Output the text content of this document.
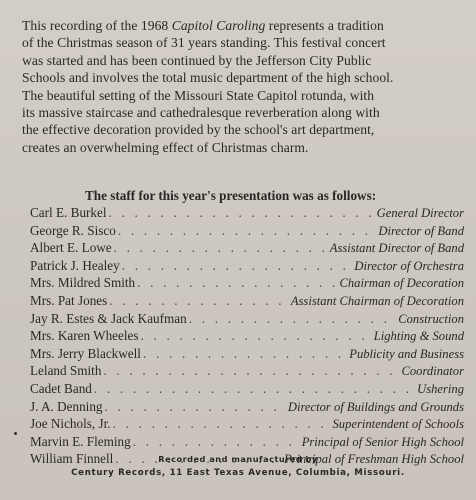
This recording of the 1968 Capitol Caroling represents a tradition
of the Christmas season of 31 years standing. This festival concert
was started and has been continued by the Jefferson City Public
Schools and involves the total music department of the high school.
The beautiful setting of the Missouri State Capitol rotunda, with
its massive staircase and cathedralesque reverberation along with
the effective decoration provided by the school's art department,
creates an overwhelming effect of Christmas charm.

The staff for this year's presentation was as follows:

Carl E. Burkel . . .	General Director
George R. Sisco . . .	Director of Band
Albert E. Lowe . . .	Assistant Director of Band
Patrick J. Healey . . .	Director of Orchestra
Mrs. Mildred Smith . . .	Chairman of Decoration
Mrs. Pat Jones . . .	Assistant Chairman of Decoration
Jay R. Estes & Jack Kaufman . . .	Construction
Mrs. Karen Wheeles . . .	Lighting & Sound
Mrs. Jerry Blackwell . . .	Publicity and Business
Leland Smith . . .	Coordinator
Cadet Band . . .	Ushering
J. A. Denning . . .	Director of Buildings and Grounds
Joe Nichols, Jr. . . .	Superintendent of Schools
Marvin E. Fleming . . .	Principal of Senior High School
William Finnell . . .	Principal of Freshman High School
Recorded and manufactured by
Century Records, 11 East Texas Avenue, Columbia, Missouri.
